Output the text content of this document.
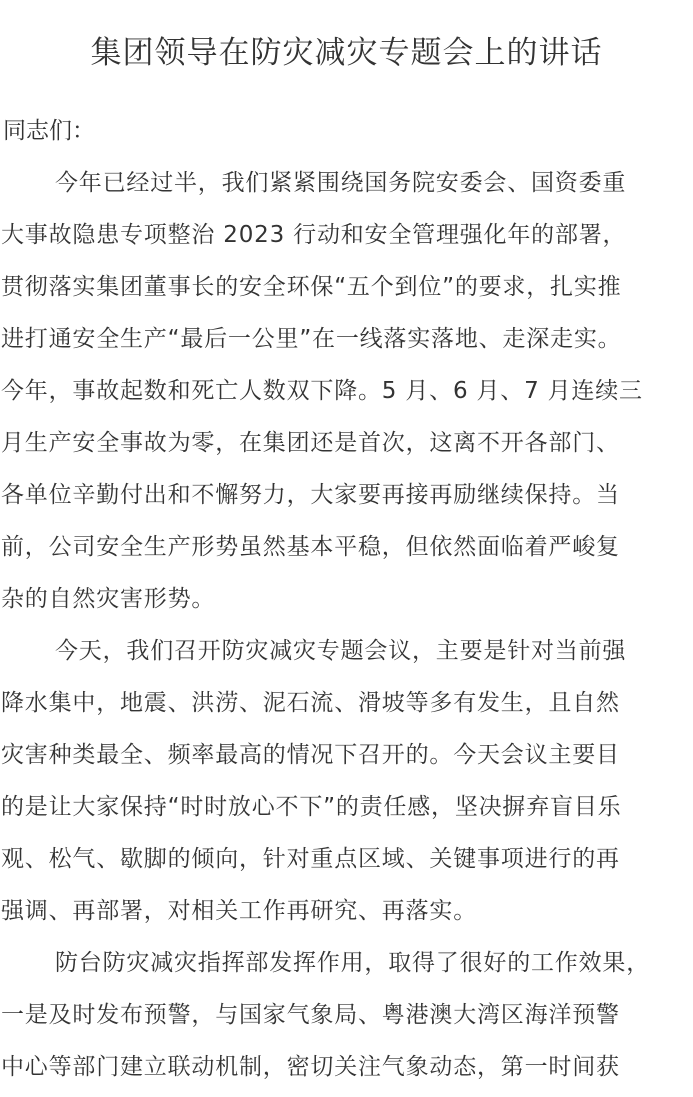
集团领导在防灾减灾专题会上的讲话

同志们：

今年已经过半，我们紧紧围绕国务院安委会、国资委重

大事故隐患专项整治 2023 行动和安全管理强化年的部署，

贯彻落实集团董事长的安全环保“五个到位”的要求，扎实推

进打通安全生产“最后一公里”在一线落实落地、走深走实。

今年，事故起数和死亡人数双下降。5 月、6 月、7 月连续三

月生产安全事故为零，在集团还是首次，这离不开各部门、

各单位辛勤付出和不懈努力，大家要再接再励继续保持。当

前，公司安全生产形势虽然基本平稳，但依然面临着严峻复

杂的自然灾害形势。

今天，我们召开防灾减灾专题会议，主要是针对当前强

降水集中，地震、洪涝、泥石流、滑坡等多有发生，且自然

灾害种类最全、频率最高的情况下召开的。今天会议主要目

的是让大家保持“时时放心不下”的责任感，坚决摒弃盲目乐

观、松气、歇脚的倾向，针对重点区域、关键事项进行的再

强调、再部署，对相关工作再研究、再落实。

防台防灾减灾指挥部发挥作用，取得了很好的工作效果，

一是及时发布预警，与国家气象局、粤港澳大湾区海洋预警

中心等部门建立联动机制，密切关注气象动态，第一时间获
